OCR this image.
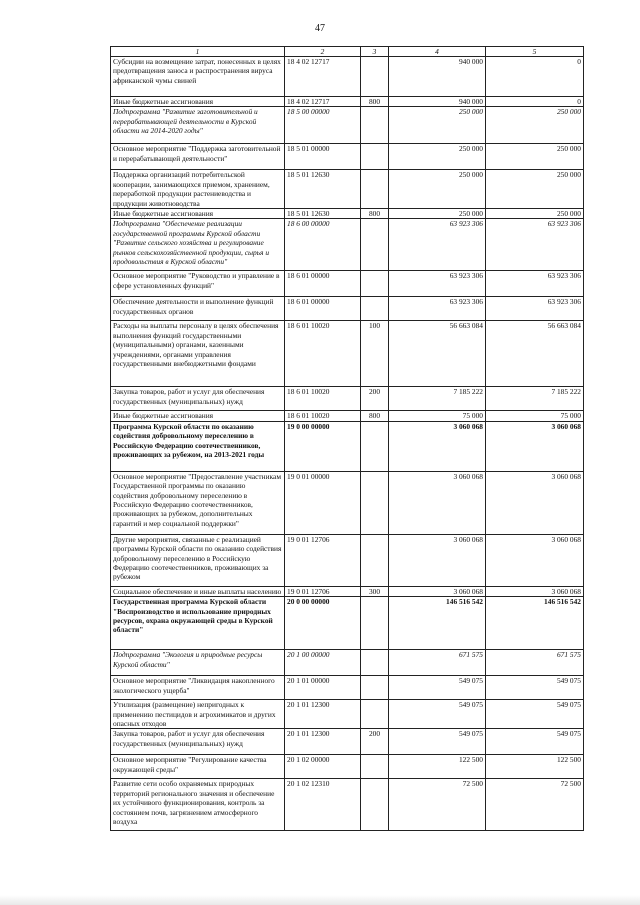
47
1	2	3	4	5
Субсидии на возмещение затрат, понесенных в целях предотвращения заноса и распространения вируса африканской чумы свиней	18 4 02 12717		940 000	0
Иные бюджетные ассигнования	18 4 02 12717	800	940 000	0
Подпрограмма "Развитие заготовительной и перерабатывающей деятельности в Курской области на 2014-2020 годы"	18 5 00 00000		250 000	250 000
Основное мероприятие "Поддержка заготовительной и перерабатывающей деятельности"	18 5 01 00000		250 000	250 000
Поддержка организаций потребительской кооперации, занимающихся приемом, хранением, переработкой продукции растениеводства и продукции животноводства	18 5 01 12630		250 000	250 000
Иные бюджетные ассигнования	18 5 01 12630	800	250 000	250 000
Подпрограмма "Обеспечение реализации государственной программы Курской области "Развитие сельского хозяйства и регулирование рынков сельскохозяйственной продукции, сырья и продовольствия в Курской области"	18 6 00 00000		63 923 306	63 923 306
Основное мероприятие "Руководство и управление в сфере установленных функций"	18 6 01 00000		63 923 306	63 923 306
Обеспечение деятельности и выполнение функций государственных органов	18 6 01 00000		63 923 306	63 923 306
Расходы на выплаты персоналу в целях обеспечения выполнения функций государственными (муниципальными) органами, казенными учреждениями, органами управления государственными внебюджетными фондами	18 6 01 10020	100	56 663 084	56 663 084
Закупка товаров, работ и услуг для обеспечения государственных (муниципальных) нужд	18 6 01 10020	200	7 185 222	7 185 222
Иные бюджетные ассигнования	18 6 01 10020	800	75 000	75 000
Программа Курской области по оказанию содействия добровольному переселению в Российскую Федерацию соотечественников, проживающих за рубежом, на 2013-2021 годы	19 0 00 00000		3 060 068	3 060 068
Основное мероприятие "Предоставление участникам Государственной программы по оказанию содействия добровольному переселению в Российскую Федерацию соотечественников, проживающих за рубежом, дополнительных гарантий и мер социальной поддержки"	19 0 01 00000		3 060 068	3 060 068
Другие мероприятия, связанные с реализацией программы Курской области по оказанию содействия добровольному переселению в Российскую Федерацию соотечественников, проживающих за рубежом	19 0 01 12706		3 060 068	3 060 068
Социальное обеспечение и иные выплаты населению	19 0 01 12706	300	3 060 068	3 060 068
Государственная программа Курской области "Воспроизводство и использование природных ресурсов, охрана окружающей среды в Курской области"	20 0 00 00000		146 516 542	146 516 542
Подпрограмма "Экология и природные ресурсы Курской области"	20 1 00 00000		671 575	671 575
Основное мероприятие "Ликвидация накопленного экологического ущерба"	20 1 01 00000		549 075	549 075
Утилизация (размещение) непригодных к применению пестицидов и агрохимикатов и других опасных отходов	20 1 01 12300		549 075	549 075
Закупка товаров, работ и услуг для обеспечения государственных (муниципальных) нужд	20 1 01 12300	200	549 075	549 075
Основное мероприятие "Регулирование качества окружающей среды"	20 1 02 00000		122 500	122 500
Развитие сети особо охраняемых природных территорий регионального значения и обеспечение их устойчивого функционирования, контроль за состоянием почв, загрязнением атмосферного воздуха	20 1 02 12310		72 500	72 500
